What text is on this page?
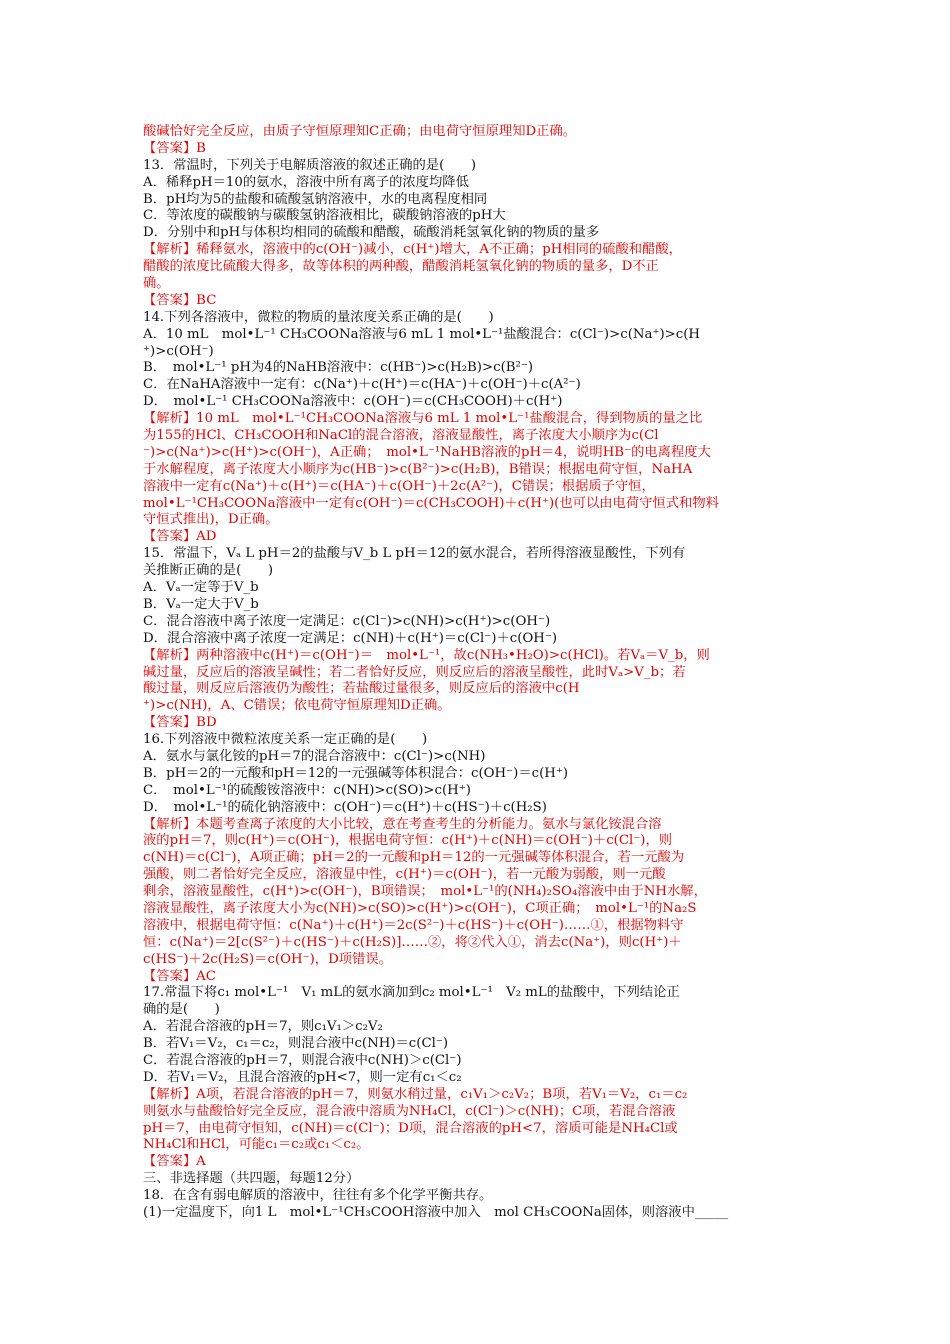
酸碱恰好完全反应，由质子守恒原理知C正确；由电荷守恒原理知D正确。
【答案】B
13．常温时，下列关于电解质溶液的叙述正确的是(　　)
A．稀释pH＝10的氨水，溶液中所有离子的浓度均降低
B．pH均为5的盐酸和硫酸氢钠溶液中，水的电离程度相同
C．等浓度的碳酸钠与碳酸氢钠溶液相比，碳酸钠溶液的pH大
D．分别中和pH与体积均相同的硫酸和醋酸，硫酸消耗氢氧化钠的物质的量多
【解析】稀释氨水，溶液中的c(OH⁻)减小，c(H⁺)增大，A不正确；pH相同的硫酸和醋酸，
醋酸的浓度比硫酸大得多，故等体积的两种酸，醋酸消耗氢氧化钠的物质的量多，D不正
确。
【答案】BC
14.下列各溶液中，微粒的物质的量浓度关系正确的是(　　)
A．10 mL　mol•L⁻¹ CH₃COONa溶液与6 mL 1 mol•L⁻¹盐酸混合：c(Cl⁻)>c(Na⁺)>c(H
⁺)>c(OH⁻)
B．　mol•L⁻¹ pH为4的NaHB溶液中：c(HB⁻)>c(H₂B)>c(B²⁻)
C．在NaHA溶液中一定有：c(Na⁺)＋c(H⁺)＝c(HA⁻)＋c(OH⁻)＋c(A²⁻)
D．　mol•L⁻¹ CH₃COONa溶液中：c(OH⁻)＝c(CH₃COOH)＋c(H⁺)
【解析】10 mL　mol•L⁻¹CH₃COONa溶液与6 mL 1 mol•L⁻¹盐酸混合，得到物质的量之比
为155的HCl、CH₃COOH和NaCl的混合溶液，溶液显酸性，离子浓度大小顺序为c(Cl
⁻)>c(Na⁺)>c(H⁺)>c(OH⁻)，A正确；　mol•L⁻¹NaHB溶液的pH＝4，说明HB⁻的电离程度大
于水解程度，离子浓度大小顺序为c(HB⁻)>c(B²⁻)>c(H₂B)，B错误；根据电荷守恒，NaHA
溶液中一定有c(Na⁺)＋c(H⁺)＝c(HA⁻)＋c(OH⁻)＋2c(A²⁻)，C错误；根据质子守恒，
mol•L⁻¹CH₃COONa溶液中一定有c(OH⁻)＝c(CH₃COOH)＋c(H⁺)(也可以由电荷守恒式和物料
守恒式推出)，D正确。
【答案】AD
15．常温下，Vₐ L pH＝2的盐酸与V_b L pH＝12的氨水混合，若所得溶液显酸性，下列有
关推断正确的是(　　)
A．Vₐ一定等于V_b
B．Vₐ一定大于V_b
C．混合溶液中离子浓度一定满足：c(Cl⁻)>c(NH)>c(H⁺)>c(OH⁻)
D．混合溶液中离子浓度一定满足：c(NH)＋c(H⁺)＝c(Cl⁻)＋c(OH⁻)
【解析】两种溶液中c(H⁺)＝c(OH⁻)＝　mol•L⁻¹，故c(NH₃•H₂O)>c(HCl)。若Vₐ＝V_b，则
碱过量，反应后的溶液呈碱性；若二者恰好反应，则反应后的溶液呈酸性，此时Vₐ>V_b；若
酸过量，则反应后溶液仍为酸性；若盐酸过量很多，则反应后的溶液中c(H
⁺)>c(NH)，A、C错误；依电荷守恒原理知D正确。
【答案】BD
16.下列溶液中微粒浓度关系一定正确的是(　　)
A．氨水与氯化铵的pH＝7的混合溶液中：c(Cl⁻)>c(NH)
B．pH＝2的一元酸和pH＝12的一元强碱等体积混合：c(OH⁻)＝c(H⁺)
C．　mol•L⁻¹的硫酸铵溶液中：c(NH)>c(SO)>c(H⁺)
D．　mol•L⁻¹的硫化钠溶液中：c(OH⁻)＝c(H⁺)＋c(HS⁻)＋c(H₂S)
【解析】本题考查离子浓度的大小比较，意在考查考生的分析能力。氨水与氯化铵混合溶
液的pH＝7，则c(H⁺)＝c(OH⁻)，根据电荷守恒：c(H⁺)＋c(NH)＝c(OH⁻)＋c(Cl⁻)，则
c(NH)＝c(Cl⁻)，A项正确；pH＝2的一元酸和pH＝12的一元强碱等体积混合，若一元酸为
强酸，则二者恰好完全反应，溶液显中性，c(H⁺)＝c(OH⁻)，若一元酸为弱酸，则一元酸
剩余，溶液显酸性，c(H⁺)>c(OH⁻)，B项错误；　mol•L⁻¹的(NH₄)₂SO₄溶液中由于NH水解，
溶液显酸性，离子浓度大小为c(NH)>c(SO)>c(H⁺)>c(OH⁻)，C项正确；　mol•L⁻¹的Na₂S
溶液中，根据电荷守恒：c(Na⁺)＋c(H⁺)＝2c(S²⁻)＋c(HS⁻)＋c(OH⁻)……①，根据物料守
恒：c(Na⁺)＝2[c(S²⁻)＋c(HS⁻)＋c(H₂S)]……②，将②代入①，消去c(Na⁺)，则c(H⁺)＋
c(HS⁻)＋2c(H₂S)＝c(OH⁻)，D项错误。
【答案】AC
17.常温下将c₁ mol•L⁻¹　V₁ mL的氨水滴加到c₂ mol•L⁻¹　V₂ mL的盐酸中，下列结论正
确的是(　　)
A．若混合溶液的pH＝7，则c₁V₁＞c₂V₂
B．若V₁＝V₂，c₁＝c₂，则混合液中c(NH)＝c(Cl⁻)
C．若混合溶液的pH＝7，则混合液中c(NH)＞c(Cl⁻)
D．若V₁＝V₂，且混合溶液的pH<7，则一定有c₁＜c₂
【解析】A项，若混合溶液的pH＝7，则氨水稍过量，c₁V₁＞c₂V₂；B项，若V₁＝V₂，c₁＝c₂
则氨水与盐酸恰好完全反应，混合液中溶质为NH₄Cl，c(Cl⁻)＞c(NH)；C项，若混合溶液
pH＝7，由电荷守恒知，c(NH)＝c(Cl⁻)；D项，混合溶液的pH<7，溶质可能是NH₄Cl或
NH₄Cl和HCl，可能c₁＝c₂或c₁＜c₂。
【答案】A
三、非选择题（共四题，每题12分）
18．在含有弱电解质的溶液中，往往有多个化学平衡共存。
(1)一定温度下，向1 L　mol•L⁻¹CH₃COOH溶液中加入　mol CH₃COONa固体，则溶液中_____
